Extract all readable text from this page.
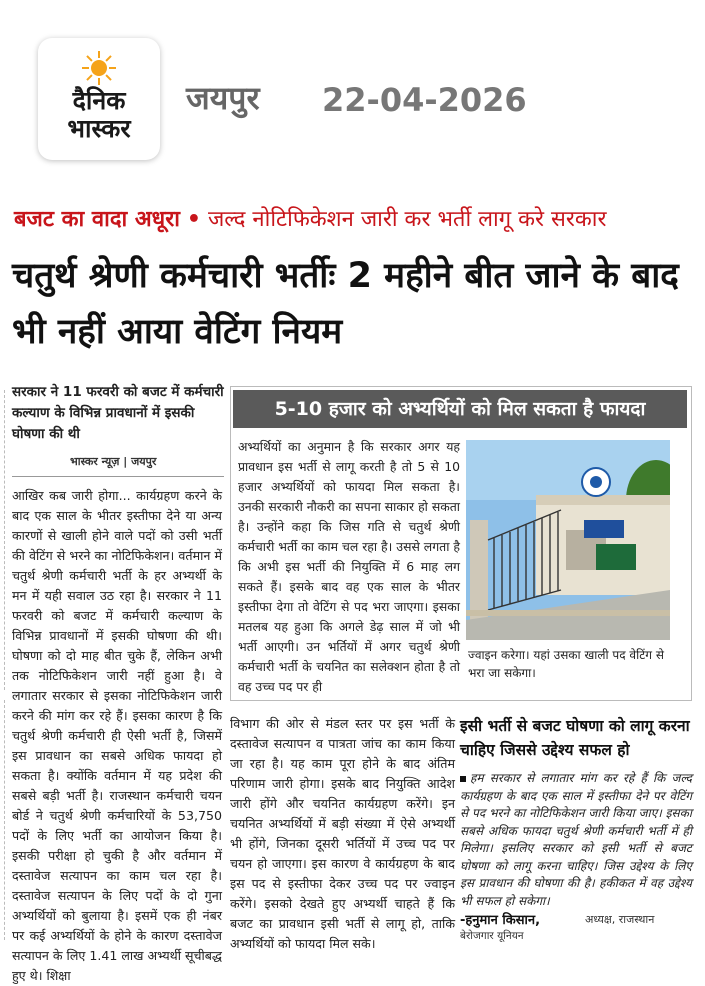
दैनिक
भास्कर
जयपुर 22-04-2026
बजट का वादा अधूरा • जल्द नोटिफिकेशन जारी कर भर्ती लागू करे सरकार
चतुर्थ श्रेणी कर्मचारी भर्तीः 2 महीने बीत जाने के बाद भी नहीं आया वेटिंग नियम
सरकार ने 11 फरवरी को बजट में कर्मचारी कल्याण के विभिन्न प्रावधानों में इसकी घोषणा की थी
भास्कर न्यूज़ | जयपुर
आखिर कब जारी होगा... कार्यग्रहण करने के बाद एक साल के भीतर इस्तीफा देने या अन्य कारणों से खाली होने वाले पदों को उसी भर्ती की वेटिंग से भरने का नोटिफिकेशन। वर्तमान में चतुर्थ श्रेणी कर्मचारी भर्ती के हर अभ्यर्थी के मन में यही सवाल उठ रहा है। सरकार ने 11 फरवरी को बजट में कर्मचारी कल्याण के विभिन्न प्रावधानों में इसकी घोषणा की थी। घोषणा को दो माह बीत चुके हैं, लेकिन अभी तक नोटिफिकेशन जारी नहीं हुआ है। वे लगातार सरकार से इसका नोटिफिकेशन जारी करने की मांग कर रहे हैं। इसका कारण है कि चतुर्थ श्रेणी कर्मचारी ही ऐसी भर्ती है, जिसमें इस प्रावधान का सबसे अधिक फायदा हो सकता है। क्योंकि वर्तमान में यह प्रदेश की सबसे बड़ी भर्ती है। राजस्थान कर्मचारी चयन बोर्ड ने चतुर्थ श्रेणी कर्मचारियों के 53,750 पदों के लिए भर्ती का आयोजन किया है। इसकी परीक्षा हो चुकी है और वर्तमान में दस्तावेज सत्यापन का काम चल रहा है। दस्तावेज सत्यापन के लिए पदों के दो गुना अभ्यर्थियों को बुलाया है। इसमें एक ही नंबर पर कई अभ्यर्थियों के होने के कारण दस्तावेज सत्यापन के लिए 1.41 लाख अभ्यर्थी सूचीबद्ध हुए थे। शिक्षा
5-10 हजार को अभ्यर्थियों को मिल सकता है फायदा
अभ्यर्थियों का अनुमान है कि सरकार अगर यह प्रावधान इस भर्ती से लागू करती है तो 5 से 10 हजार अभ्यर्थियों को फायदा मिल सकता है। उनकी सरकारी नौकरी का सपना साकार हो सकता है। उन्होंने कहा कि जिस गति से चतुर्थ श्रेणी कर्मचारी भर्ती का काम चल रहा है। उससे लगता है कि अभी इस भर्ती की नियुक्ति में 6 माह लग सकते हैं। इसके बाद वह एक साल के भीतर इस्तीफा देगा तो वेटिंग से पद भरा जाएगा। इसका मतलब यह हुआ कि अगले डेढ़ साल में जो भी भर्ती आएगी। उन भर्तियों में अगर चतुर्थ श्रेणी कर्मचारी भर्ती के चयनित का सलेक्शन होता है तो वह उच्च पद पर ही
ज्वाइन करेगा। यहां उसका खाली पद वेटिंग से भरा जा सकेगा।
विभाग की ओर से मंडल स्तर पर इस भर्ती के दस्तावेज सत्यापन व पात्रता जांच का काम किया जा रहा है। यह काम पूरा होने के बाद अंतिम परिणाम जारी होगा। इसके बाद नियुक्ति आदेश जारी होंगे और चयनित कार्यग्रहण करेंगे। इन चयनित अभ्यर्थियों में बड़ी संख्या में ऐसे अभ्यर्थी भी होंगे, जिनका दूसरी भर्तियों में उच्च पद पर चयन हो जाएगा। इस कारण वे कार्यग्रहण के बाद इस पद से इस्तीफा देकर उच्च पद पर ज्वाइन करेंगे। इसको देखते हुए अभ्यर्थी चाहते हैं कि बजट का प्रावधान इसी भर्ती से लागू हो, ताकि अभ्यर्थियों को फायदा मिल सके।
इसी भर्ती से बजट घोषणा को लागू करना चाहिए जिससे उद्देश्य सफल हो
हम सरकार से लगातार मांग कर रहे हैं कि जल्द कार्यग्रहण के बाद एक साल में इस्तीफा देने पर वेटिंग से पद भरने का नोटिफिकेशन जारी किया जाए। इसका सबसे अधिक फायदा चतुर्थ श्रेणी कर्मचारी भर्ती में ही मिलेगा। इसलिए सरकार को इसी भर्ती से बजट घोषणा को लागू करना चाहिए। जिस उद्देश्य के लिए इस प्रावधान की घोषणा की है। हकीकत में वह उद्देश्य भी सफल हो सकेगा।
-हनुमान किसान,	अध्यक्ष, राजस्थान
बेरोजगार यूनियन
